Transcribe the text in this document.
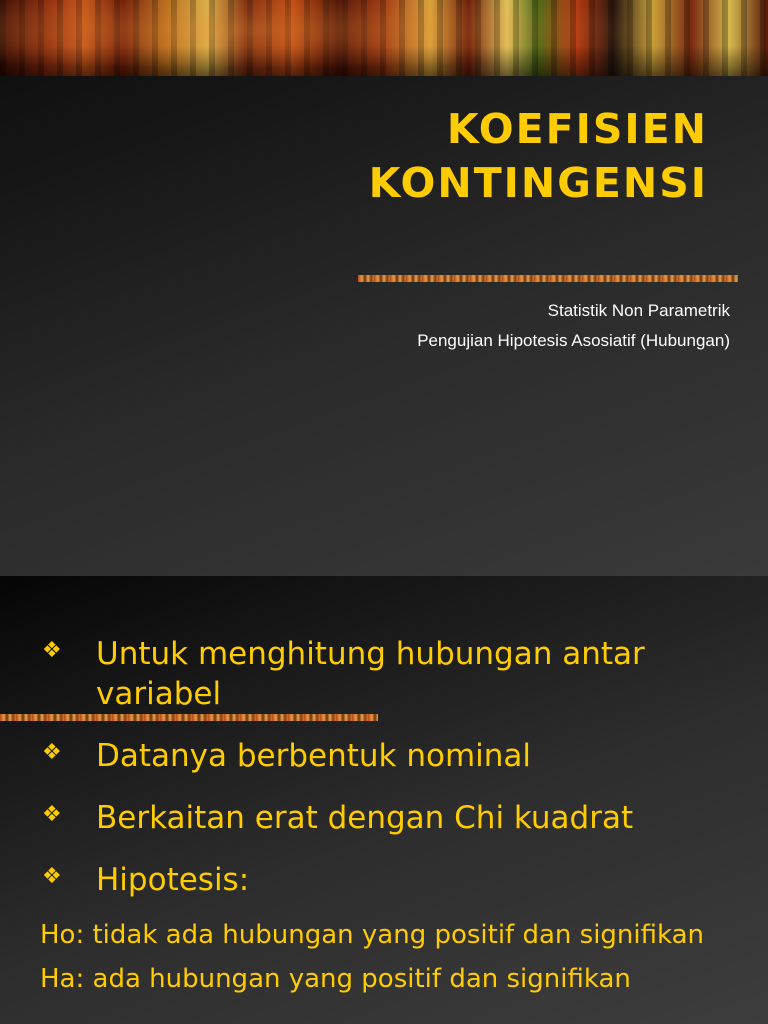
KOEFISIEN
KONTINGENSI

Statistik Non Parametrik

Pengujian Hipotesis Asosiatif (Hubungan)

❖ Untuk menghitung hubungan antar variabel
❖ Datanya berbentuk nominal
❖ Berkaitan erat dengan Chi kuadrat
❖ Hipotesis:
Ho: tidak ada hubungan yang positif dan signifikan
Ha: ada hubungan yang positif dan signifikan
